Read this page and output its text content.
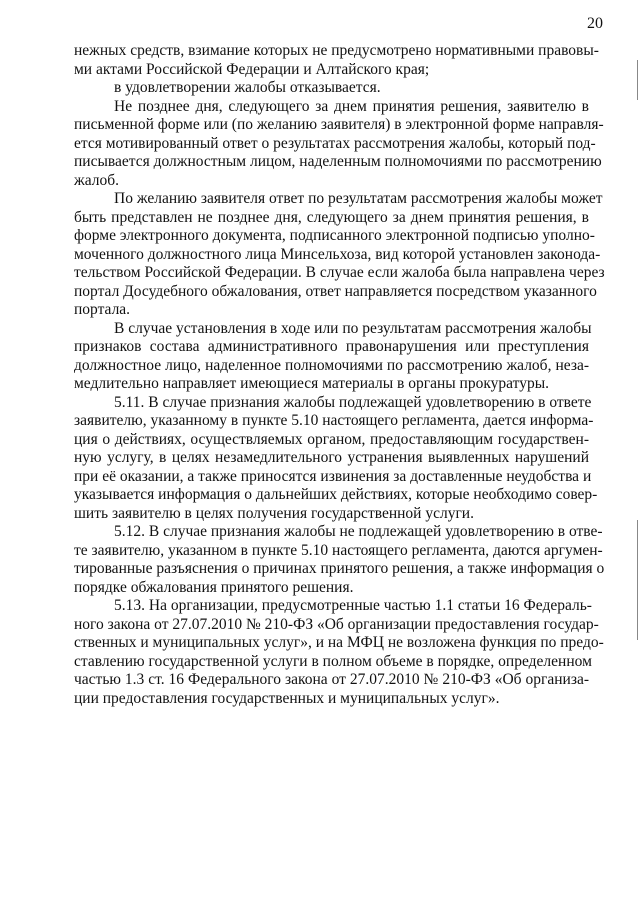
20
нежных средств, взимание которых не предусмотрено нормативными правовы-
ми актами Российской Федерации и Алтайского края;
в удовлетворении жалобы отказывается.
Не позднее дня, следующего за днем принятия решения, заявителю в
письменной форме или (по желанию заявителя) в электронной форме направля-
ется мотивированный ответ о результатах рассмотрения жалобы, который под-
писывается должностным лицом, наделенным полномочиями по рассмотрению
жалоб.
По желанию заявителя ответ по результатам рассмотрения жалобы может
быть представлен не позднее дня, следующего за днем принятия решения, в
форме электронного документа, подписанного электронной подписью уполно-
моченного должностного лица Минсельхоза, вид которой установлен законода-
тельством Российской Федерации. В случае если жалоба была направлена через
портал Досудебного обжалования, ответ направляется посредством указанного
портала.
В случае установления в ходе или по результатам рассмотрения жалобы
признаков состава административного правонарушения или преступления
должностное лицо, наделенное полномочиями по рассмотрению жалоб, неза-
медлительно направляет имеющиеся материалы в органы прокуратуры.
5.11. В случае признания жалобы подлежащей удовлетворению в ответе
заявителю, указанному в пункте 5.10 настоящего регламента, дается информа-
ция о действиях, осуществляемых органом, предоставляющим государствен-
ную услугу, в целях незамедлительного устранения выявленных нарушений
при её оказании, а также приносятся извинения за доставленные неудобства и
указывается информация о дальнейших действиях, которые необходимо совер-
шить заявителю в целях получения государственной услуги.
5.12. В случае признания жалобы не подлежащей удовлетворению в отве-
те заявителю, указанном в пункте 5.10 настоящего регламента, даются аргумен-
тированные разъяснения о причинах принятого решения, а также информация о
порядке обжалования принятого решения.
5.13. На организации, предусмотренные частью 1.1 статьи 16 Федераль-
ного закона от 27.07.2010 № 210-ФЗ «Об организации предоставления государ-
ственных и муниципальных услуг», и на МФЦ не возложена функция по предо-
ставлению государственной услуги в полном объеме в порядке, определенном
частью 1.3 ст. 16 Федерального закона от 27.07.2010 № 210-ФЗ «Об организа-
ции предоставления государственных и муниципальных услуг».
